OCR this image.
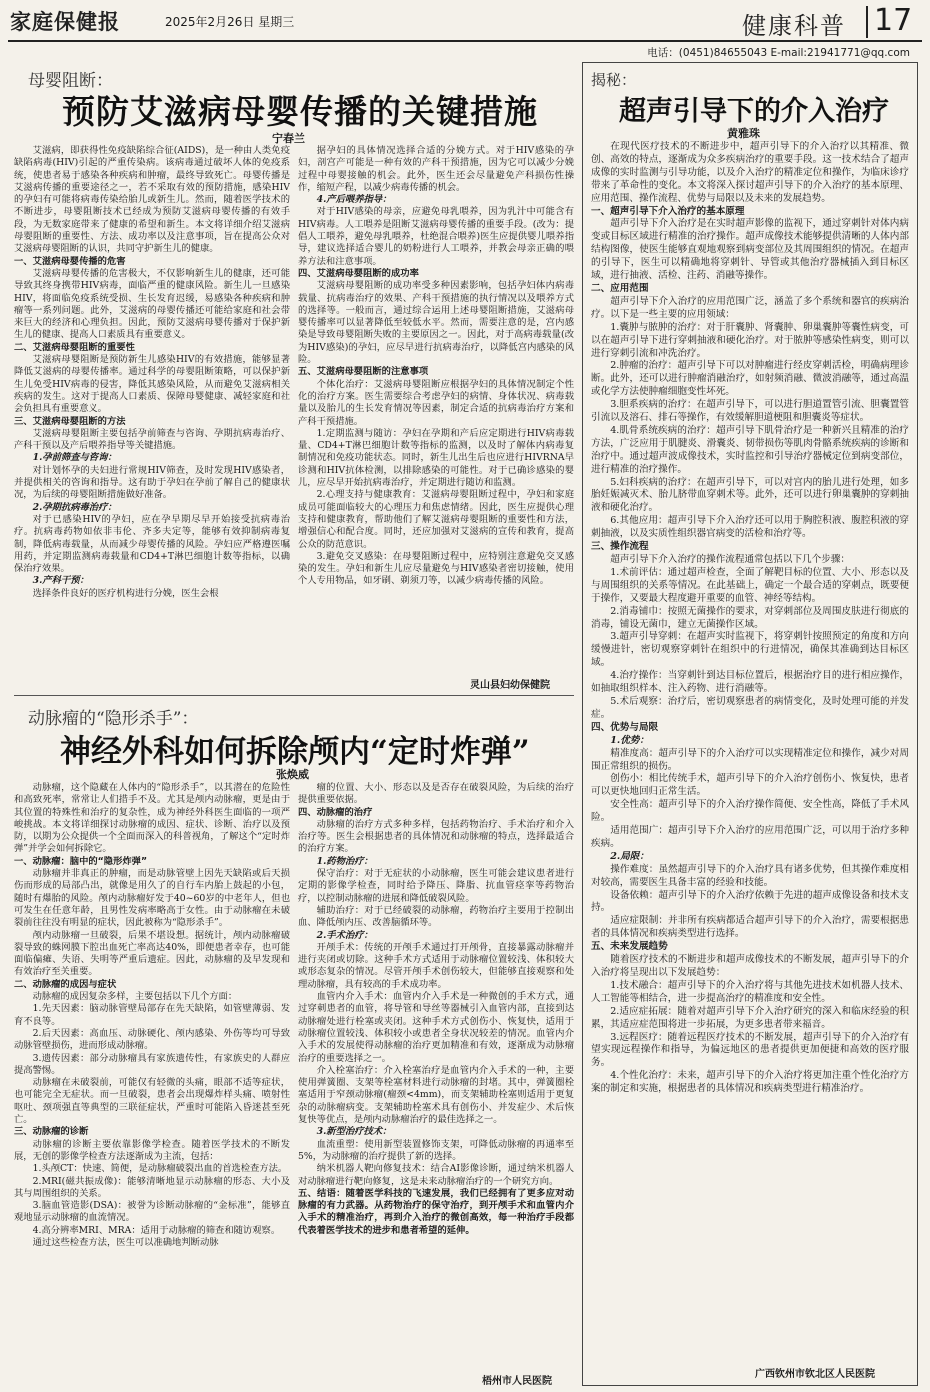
家庭保健报	2025年2月26日 星期三	健康科普 17
电话：(0451)84655043 E-mail:21941771@qq.com
母婴阻断：
预防艾滋病母婴传播的关键措施
宁春兰

艾滋病，即获得性免疫缺陷综合征(AIDS)，是一种由人类免疫缺陷病毒(HIV)引起的严重传染病。该病毒通过破坏人体的免疫系统，使患者易于感染各种疾病和肿瘤，最终导致死亡。母婴传播是艾滋病传播的重要途径之一，若不采取有效的预防措施，感染HIV的孕妇有可能将病毒传染给胎儿或新生儿。然而，随着医学技术的不断进步，母婴阻断技术已经成为预防艾滋病母婴传播的有效手段，为无数家庭带来了健康的希望和新生。本文将详细介绍艾滋病母婴阻断的重要性、方法、成功率以及注意事项，旨在提高公众对艾滋病母婴阻断的认识，共同守护新生儿的健康。

一、艾滋病母婴传播的危害

艾滋病母婴传播的危害极大，不仅影响新生儿的健康，还可能导致其终身携带HIV病毒，面临严重的健康风险。新生儿一旦感染HIV，将面临免疫系统受损、生长发育迟缓，易感染各种疾病和肿瘤等一系列问题。此外，艾滋病的母婴传播还可能给家庭和社会带来巨大的经济和心理负担。因此，预防艾滋病母婴传播对于保护新生儿的健康、提高人口素质具有重要意义。

二、艾滋病母婴阻断的重要性

艾滋病母婴阻断是预防新生儿感染HIV的有效措施，能够显著降低艾滋病的母婴传播率。通过科学的母婴阻断策略，可以保护新生儿免受HIV病毒的侵害，降低其感染风险，从而避免艾滋病相关疾病的发生。这对于提高人口素质、保障母婴健康、减轻家庭和社会负担具有重要意义。

三、艾滋病母婴阻断的方法

艾滋病母婴阻断主要包括孕前筛查与咨询、孕期抗病毒治疗、产科干预以及产后喂养指导等关键措施。

1.孕前筛查与咨询：

对计划怀孕的夫妇进行常规HIV筛查，及时发现HIV感染者，并提供相关的咨询和指导。这有助于孕妇在孕前了解自己的健康状况，为后续的母婴阻断措施做好准备。

2.孕期抗病毒治疗：

对于已感染HIV的孕妇，应在孕早期尽早开始接受抗病毒治疗。抗病毒药物如依非韦伦、齐多夫定等，能够有效抑制病毒复制，降低病毒载量，从而减少母婴传播的风险。孕妇应严格遵医嘱用药，并定期监测病毒载量和CD4+T淋巴细胞计数等指标，以确保治疗效果。

3.产科干预：

选择条件良好的医疗机构进行分娩，医生会根

据孕妇的具体情况选择合适的分娩方式。对于HIV感染的孕妇，剖宫产可能是一种有效的产科干预措施，因为它可以减少分娩过程中母婴接触的机会。此外，医生还会尽量避免产科损伤性操作，缩短产程，以减少病毒传播的机会。

4.产后喂养指导：

对于HIV感染的母亲，应避免母乳喂养，因为乳汁中可能含有HIV病毒。人工喂养是阻断艾滋病母婴传播的重要手段。(改为：提倡人工喂养，避免母乳喂养，杜绝混合喂养)医生应提供婴儿喂养指导，建议选择适合婴儿的奶粉进行人工喂养，并教会母亲正确的喂养方法和注意事项。

四、艾滋病母婴阻断的成功率

艾滋病母婴阻断的成功率受多种因素影响，包括孕妇体内病毒载量、抗病毒治疗的效果、产科干预措施的执行情况以及喂养方式的选择等。一般而言，通过综合运用上述母婴阻断措施，艾滋病母婴传播率可以显著降低至较低水平。然而，需要注意的是，宫内感染是导致母婴阻断失败的主要原因之一。因此，对于高病毒载量(改为HIV感染)的孕妇，应尽早进行抗病毒治疗，以降低宫内感染的风险。

五、艾滋病母婴阻断的注意事项

个体化治疗：艾滋病母婴阻断应根据孕妇的具体情况制定个性化的治疗方案。医生需要综合考虑孕妇的病情、身体状况、病毒载量以及胎儿的生长发育情况等因素，制定合适的抗病毒治疗方案和产科干预措施。

1.定期监测与随访：孕妇在孕期和产后应定期进行HIV病毒载量、CD4+T淋巴细胞计数等指标的监测，以及时了解体内病毒复制情况和免疫功能状态。同时，新生儿出生后也应进行HIVRNA早诊测和HIV抗体检测，以排除感染的可能性。对于已确诊感染的婴儿，应尽早开始抗病毒治疗，并定期进行随访和监测。

2.心理支持与健康教育：艾滋病母婴阻断过程中，孕妇和家庭成员可能面临较大的心理压力和焦虑情绪。因此，医生应提供心理支持和健康教育，帮助他们了解艾滋病母婴阻断的重要性和方法，增强信心和配合度。同时，还应加强对艾滋病的宣传和教育，提高公众的防范意识。

3.避免交叉感染：在母婴阻断过程中，应特别注意避免交叉感染的发生。孕妇和新生儿应尽量避免与HIV感染者密切接触，使用个人专用物品，如牙刷、剃须刀等，以减少病毒传播的风险。

灵山县妇幼保健院
动脉瘤的“隐形杀手”：
神经外科如何拆除颅内“定时炸弹”
张焕威

动脉瘤，这个隐藏在人体内的“隐形杀手”，以其潜在的危险性和高致死率，常常让人们措手不及。尤其是颅内动脉瘤，更是由于其位置的特殊性和治疗的复杂性，成为神经外科医生面临的一项严峻挑战。本文将详细探讨动脉瘤的成因、症状、诊断、治疗以及预防，以期为公众提供一个全面而深入的科普视角，了解这个“定时炸弹”并学会如何拆除它。

一、动脉瘤：脑中的“隐形炸弹”

动脉瘤并非真正的肿瘤，而是动脉管壁上因先天缺陷或后天损伤而形成的局部凸出，就像是用久了的自行车内胎上鼓起的小包，随时有爆胎的风险。颅内动脉瘤好发于40~60岁的中老年人，但也可发生在任意年龄，且男性发病率略高于女性。由于动脉瘤在未破裂前往往没有明显的症状，因此被称为“隐形杀手”。

颅内动脉瘤一旦破裂，后果不堪设想。据统计，颅内动脉瘤破裂导致的蛛网膜下腔出血死亡率高达40%，即便患者幸存，也可能面临偏瘫、失语、失明等严重后遗症。因此，动脉瘤的及早发现和有效治疗至关重要。

二、动脉瘤的成因与症状

动脉瘤的成因复杂多样，主要包括以下几个方面：

1.先天因素：脑动脉管壁局部存在先天缺陷，如管壁薄弱、发育不良等。

2.后天因素：高血压、动脉硬化、颅内感染、外伤等均可导致动脉管壁损伤，进而形成动脉瘤。

3.遗传因素：部分动脉瘤具有家族遗传性，有家族史的人群应提高警惕。

动脉瘤在未破裂前，可能仅有轻微的头痛，眼部不适等症状，也可能完全无症状。而一旦破裂，患者会出现爆炸样头痛、喷射性呕吐、颈项强直等典型的三联征症状，严重时可能陷入昏迷甚至死亡。

三、动脉瘤的诊断

动脉瘤的诊断主要依靠影像学检查。随着医学技术的不断发展，无创的影像学检查方法逐渐成为主流，包括：

1.头颅CT：快速、简便，是动脉瘤破裂出血的首选检查方法。

2.MRI(磁共振成像)：能够清晰地显示动脉瘤的形态、大小及其与周围组织的关系。

3.脑血管造影(DSA)：被誉为诊断动脉瘤的“金标准”，能够直观地显示动脉瘤的血流情况。

4.高分辨率MRI、MRA：适用于动脉瘤的筛查和随访观察。

通过这些检查方法，医生可以准确地判断动脉

瘤的位置、大小、形态以及是否存在破裂风险，为后续的治疗提供重要依据。

四、动脉瘤的治疗

动脉瘤的治疗方式多种多样，包括药物治疗、手术治疗和介入治疗等。医生会根据患者的具体情况和动脉瘤的特点，选择最适合的治疗方案。

1.药物治疗：

保守治疗：对于无症状的小动脉瘤，医生可能会建议患者进行定期的影像学检查，同时给予降压、降脂、抗血管痉挛等药物治疗，以控制动脉瘤的进展和降低破裂风险。

辅助治疗：对于已经破裂的动脉瘤，药物治疗主要用于控制出血、降低颅内压、改善脑循环等。

2.手术治疗：

开颅手术：传统的开颅手术通过打开颅骨，直接暴露动脉瘤并进行夹闭或切除。这种手术方式适用于动脉瘤位置较浅、体积较大或形态复杂的情况。尽管开颅手术创伤较大，但能够直接观察和处理动脉瘤，具有较高的手术成功率。

血管内介入手术：血管内介入手术是一种微创的手术方式，通过穿刺患者的血管，将导管和导丝等器械引入血管内部，直接到达动脉瘤处进行栓塞或夹闭。这种手术方式创伤小、恢复快，适用于动脉瘤位置较浅、体积较小或患者全身状况较差的情况。血管内介入手术的发展使得动脉瘤的治疗更加精准和有效，逐渐成为动脉瘤治疗的重要选择之一。

介入栓塞治疗：介入栓塞治疗是血管内介入手术的一种，主要使用弹簧圈、支架等栓塞材料进行动脉瘤的封堵。其中，弹簧圈栓塞适用于窄颈动脉瘤(瘤颈<4mm)，而支架辅助栓塞则适用于更复杂的动脉瘤病变。支架辅助栓塞术具有创伤小、并发症少、术后恢复快等优点，是颅内动脉瘤治疗的最佳选择之一。

3.新型治疗技术：

血流重塑：使用新型装置修饰支架，可降低动脉瘤的再通率至5%，为动脉瘤的治疗提供了新的选择。

纳米机器人靶向修复技术：结合AI影像诊断，通过纳米机器人对动脉瘤进行靶向修复，这是未来动脉瘤治疗的一个研究方向。

五、结语：随着医学科技的飞速发展，我们已经拥有了更多应对动脉瘤的有力武器。从药物治疗的保守治疗，到开颅手术和血管内介入手术的精准治疗，再到介入治疗的微创高效，每一种治疗手段都代表着医学技术的进步和患者希望的延伸。

梧州市人民医院
揭秘：
超声引导下的介入治疗
黄雅珠

在现代医疗技术的不断进步中，超声引导下的介入治疗以其精准、微创、高效的特点，逐渐成为众多疾病治疗的重要手段。这一技术结合了超声成像的实时监测与引导功能，以及介入治疗的精准定位和操作，为临床诊疗带来了革命性的变化。本文将深入探讨超声引导下的介入治疗的基本原理、应用范围、操作流程、优势与局限以及未来的发展趋势。

一、超声引导下介入治疗的基本原理

超声引导下介入治疗是在实时超声影像的监视下，通过穿刺针对体内病变或目标区域进行精准的治疗操作。超声成像技术能够提供清晰的人体内部结构图像，使医生能够直观地观察到病变部位及其周围组织的情况。在超声的引导下，医生可以精确地将穿刺针、导管或其他治疗器械插入到目标区域，进行抽液、活检、注药、消融等操作。

二、应用范围

超声引导下介入治疗的应用范围广泛，涵盖了多个系统和器官的疾病治疗。以下是一些主要的应用领域：

1.囊肿与脓肿的治疗：对于肝囊肿、肾囊肿、卵巢囊肿等囊性病变，可以在超声引导下进行穿刺抽液和硬化治疗。对于脓肿等感染性病变，则可以进行穿刺引流和冲洗治疗。

2.肿瘤的治疗：超声引导下可以对肿瘤进行经皮穿刺活检，明确病理诊断。此外，还可以进行肿瘤消融治疗，如射频消融、微波消融等，通过高温或化学方法使肿瘤细胞变性坏死。

3.胆系疾病的治疗：在超声引导下，可以进行胆道置管引流、胆囊置管引流以及溶石、排石等操作，有效缓解胆道梗阻和胆囊炎等症状。

4.肌骨系统疾病的治疗：超声引导下肌骨治疗是一种新兴且精准的治疗方法，广泛应用于肌腱炎、滑囊炎、韧带损伤等肌肉骨骼系统疾病的诊断和治疗中。通过超声波成像技术，实时监控和引导治疗器械定位到病变部位，进行精准的治疗操作。

5.妇科疾病的治疗：在超声引导下，可以对宫内的胎儿进行处理，如多胎妊娠减灭术、胎儿脐带血穿刺术等。此外，还可以进行卵巢囊肿的穿刺抽液和硬化治疗。

6.其他应用：超声引导下介入治疗还可以用于胸腔积液、腹腔积液的穿刺抽液，以及实质性组织器官病变的活检和治疗等。

三、操作流程

超声引导下介入治疗的操作流程通常包括以下几个步骤：

1.术前评估：通过超声检查，全面了解靶目标的位置、大小、形态以及与周围组织的关系等情况。在此基础上，确定一个最合适的穿刺点，既要便于操作，又要最大程度避开重要的血管、神经等结构。

2.消毒铺巾：按照无菌操作的要求，对穿刺部位及周围皮肤进行彻底的消毒，铺设无菌巾，建立无菌操作区域。

3.超声引导穿刺：在超声实时监视下，将穿刺针按照预定的角度和方向缓慢进针，密切观察穿刺针在组织中的行进情况，确保其准确到达目标区域。

4.治疗操作：当穿刺针到达目标位置后，根据治疗目的进行相应操作，如抽取组织样本、注入药物、进行消融等。

5.术后观察：治疗后，密切观察患者的病情变化，及时处理可能的并发症。

四、优势与局限

1.优势：

精准度高：超声引导下的介入治疗可以实现精准定位和操作，减少对周围正常组织的损伤。

创伤小：相比传统手术，超声引导下的介入治疗创伤小、恢复快，患者可以更快地回归正常生活。

安全性高：超声引导下的介入治疗操作简便、安全性高，降低了手术风险。

适用范围广：超声引导下介入治疗的应用范围广泛，可以用于治疗多种疾病。

2.局限：

操作难度：虽然超声引导下的介入治疗具有诸多优势，但其操作难度相对较高，需要医生具备丰富的经验和技能。

设备依赖：超声引导下的介入治疗依赖于先进的超声成像设备和技术支持。

适应症限制：并非所有疾病都适合超声引导下的介入治疗，需要根据患者的具体情况和疾病类型进行选择。

五、未来发展趋势

随着医疗技术的不断进步和超声成像技术的不断发展，超声引导下的介入治疗将呈现出以下发展趋势：

1.技术融合：超声引导下的介入治疗将与其他先进技术如机器人技术、人工智能等相结合，进一步提高治疗的精准度和安全性。

2.适应症拓展：随着对超声引导下介入治疗研究的深入和临床经验的积累，其适应症范围将进一步拓展，为更多患者带来福音。

3.远程医疗：随着远程医疗技术的不断发展，超声引导下的介入治疗有望实现远程操作和指导，为偏远地区的患者提供更加便捷和高效的医疗服务。

4.个性化治疗：未来，超声引导下的介入治疗将更加注重个性化治疗方案的制定和实施，根据患者的具体情况和疾病类型进行精准治疗。

广西钦州市钦北区人民医院
